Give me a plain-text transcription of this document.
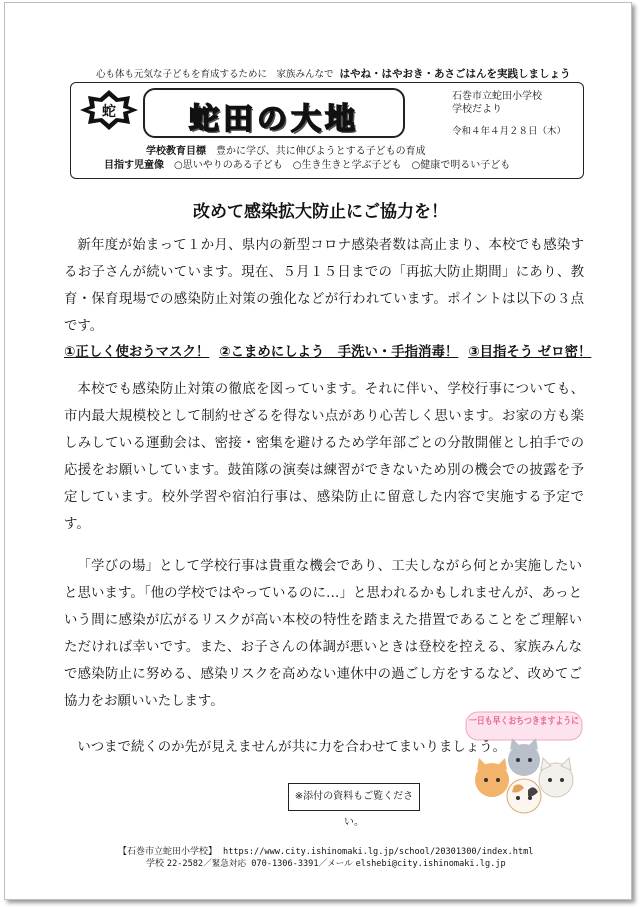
心も体も元気な子どもを育成するために　家族みんなで はやね・はやおき・あさごはんを実践しましょう
蛇	蛇田の大地
石巻市立蛇田小学校
学校だより
令和４年４月２８日（木）
学校教育目標 豊かに学び、共に伸びようとする子どもの育成
目指す児童像 ○思いやりのある子ども ○生き生きと学ぶ子ども ○健康で明るい子ども
改めて感染拡大防止にご協力を！

新年度が始まって１か月、県内の新型コロナ感染者数は高止まり、本校でも感染するお子さんが続いています。現在、５月１５日までの「再拡大防止期間」にあり、教育・保育現場での感染防止対策の強化などが行われています。ポイントは以下の３点です。

①正しく使おうマスク！ ②こまめにしよう　手洗い・手指消毒！ ③目指そう ゼロ密！

本校でも感染防止対策の徹底を図っています。それに伴い、学校行事についても、市内最大規模校として制約せざるを得ない点があり心苦しく思います。お家の方も楽しみしている運動会は、密接・密集を避けるため学年部ごとの分散開催とし拍手での応援をお願いしています。鼓笛隊の演奏は練習ができないため別の機会での披露を予定しています。校外学習や宿泊行事は、感染防止に留意した内容で実施する予定です。

「学びの場」として学校行事は貴重な機会であり、工夫しながら何とか実施したいと思います。「他の学校ではやっているのに…」と思われるかもしれませんが、あっという間に感染が広がるリスクが高い本校の特性を踏まえた措置であることをご理解いただければ幸いです。また、お子さんの体調が悪いときは登校を控える、家族みんなで感染防止に努める、感染リスクを高めない連休中の過ごし方をするなど、改めてご協力をお願いいたします。

いつまで続くのか先が見えませんが共に力を合わせてまいりましょう。
※添付の資料もご覧ください。
一日も早くおちつきますように
【石巻市立蛇田小学校】 https://www.city.ishinomaki.lg.jp/school/20301300/index.html
学校 22-2582／緊急対応 070-1306-3391／メール elshebi@city.ishinomaki.lg.jp
